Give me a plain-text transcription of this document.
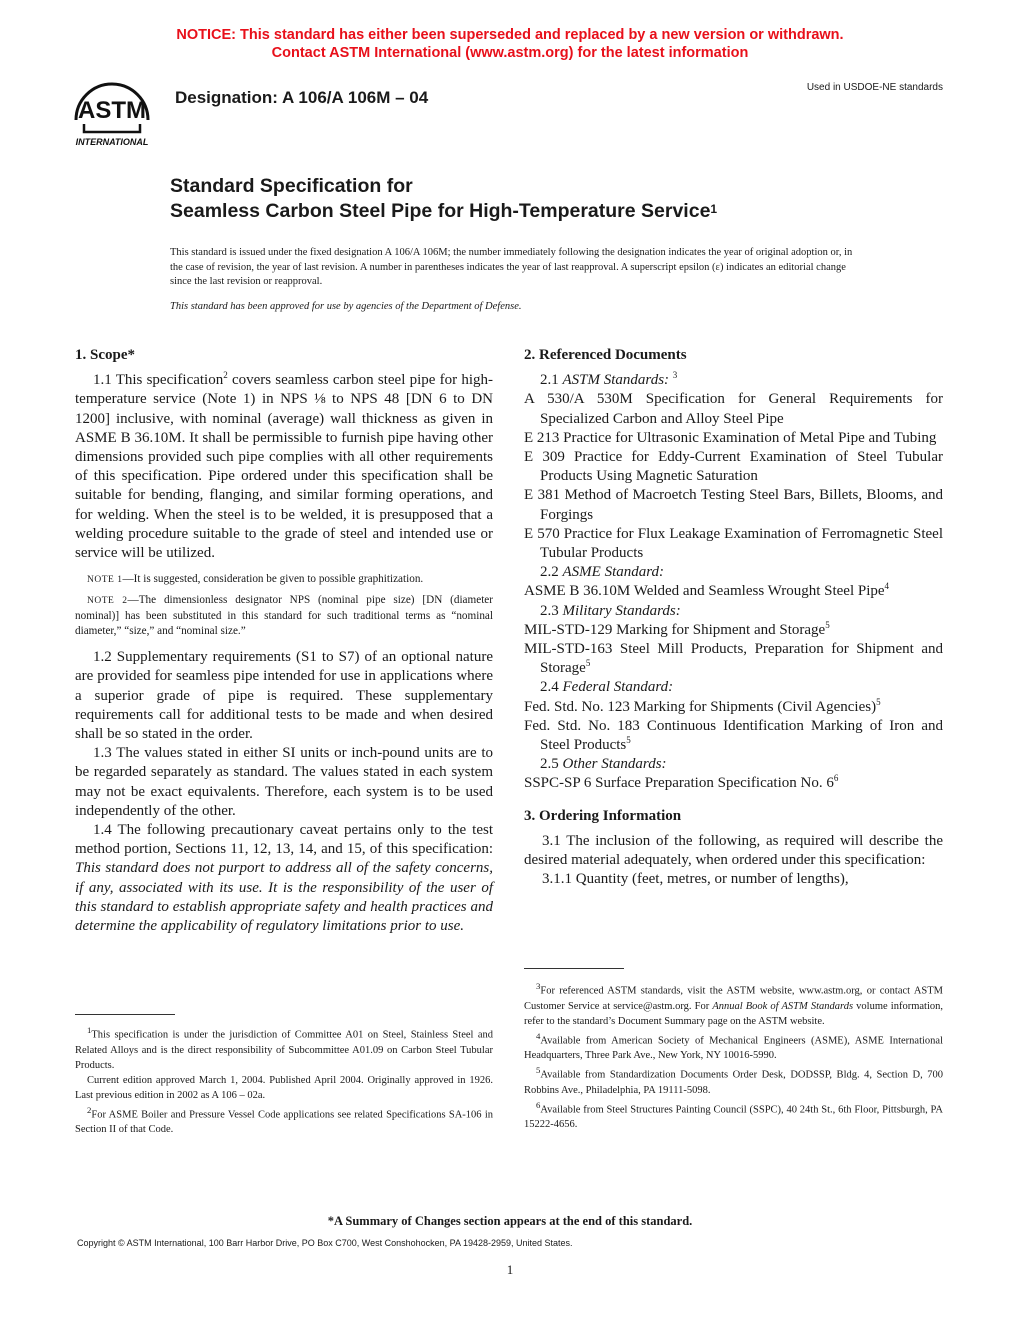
NOTICE: This standard has either been superseded and replaced by a new version or withdrawn.
Contact ASTM International (www.astm.org) for the latest information
ASTM
INTERNATIONAL
Designation: A 106/A 106M – 04
Used in USDOE-NE standards
Standard Specification for
Seamless Carbon Steel Pipe for High-Temperature Service$^1$
This standard is issued under the fixed designation A 106/A 106M; the number immediately following the designation indicates the year of original adoption or, in the case of revision, the year of last revision. A number in parentheses indicates the year of last reapproval. A superscript epsilon (ε) indicates an editorial change since the last revision or reapproval.
This standard has been approved for use by agencies of the Department of Defense.
1. Scope*

1.1 This specification$^2$ covers seamless carbon steel pipe for high-temperature service (Note 1) in NPS ⅛ to NPS 48 [DN 6 to DN 1200] inclusive, with nominal (average) wall thickness as given in ASME B 36.10M. It shall be permissible to furnish pipe having other dimensions provided such pipe complies with all other requirements of this specification. Pipe ordered under this specification shall be suitable for bending, flanging, and similar forming operations, and for welding. When the steel is to be welded, it is presupposed that a welding procedure suitable to the grade of steel and intended use or service will be utilized.

NOTE 1—It is suggested, consideration be given to possible graphitization.

NOTE 2—The dimensionless designator NPS (nominal pipe size) [DN (diameter nominal)] has been substituted in this standard for such traditional terms as “nominal diameter,” “size,” and “nominal size.”

1.2 Supplementary requirements (S1 to S7) of an optional nature are provided for seamless pipe intended for use in applications where a superior grade of pipe is required. These supplementary requirements call for additional tests to be made and when desired shall be so stated in the order.

1.3 The values stated in either SI units or inch-pound units are to be regarded separately as standard. The values stated in each system may not be exact equivalents. Therefore, each system is to be used independently of the other.

1.4 The following precautionary caveat pertains only to the test method portion, Sections 11, 12, 13, 14, and 15, of this specification: This standard does not purport to address all of the safety concerns, if any, associated with its use. It is the responsibility of the user of this standard to establish appropriate safety and health practices and determine the applicability of regulatory limitations prior to use.

$^1$This specification is under the jurisdiction of Committee A01 on Steel, Stainless Steel and Related Alloys and is the direct responsibility of Subcommittee A01.09 on Carbon Steel Tubular Products.

Current edition approved March 1, 2004. Published April 2004. Originally approved in 1926. Last previous edition in 2002 as A 106 – 02a.

$^2$For ASME Boiler and Pressure Vessel Code applications see related Specifications SA-106 in Section II of that Code.

2. Referenced Documents

2.1 ASTM Standards: $^3$

A 530/A 530M Specification for General Requirements for Specialized Carbon and Alloy Steel Pipe

E 213 Practice for Ultrasonic Examination of Metal Pipe and Tubing

E 309 Practice for Eddy-Current Examination of Steel Tubular Products Using Magnetic Saturation

E 381 Method of Macroetch Testing Steel Bars, Billets, Blooms, and Forgings

E 570 Practice for Flux Leakage Examination of Ferromagnetic Steel Tubular Products

2.2 ASME Standard:

ASME B 36.10M Welded and Seamless Wrought Steel Pipe$^4$

2.3 Military Standards:

MIL-STD-129 Marking for Shipment and Storage$^5$

MIL-STD-163 Steel Mill Products, Preparation for Shipment and Storage$^5$

2.4 Federal Standard:

Fed. Std. No. 123 Marking for Shipments (Civil Agencies)$^5$

Fed. Std. No. 183 Continuous Identification Marking of Iron and Steel Products$^5$

2.5 Other Standards:

SSPC-SP 6 Surface Preparation Specification No. $6^6$

3. Ordering Information

3.1 The inclusion of the following, as required will describe the desired material adequately, when ordered under this specification:

3.1.1 Quantity (feet, metres, or number of lengths),

$^3$For referenced ASTM standards, visit the ASTM website, www.astm.org, or contact ASTM Customer Service at service@astm.org. For Annual Book of ASTM Standards volume information, refer to the standard’s Document Summary page on the ASTM website.

$^4$Available from American Society of Mechanical Engineers (ASME), ASME International Headquarters, Three Park Ave., New York, NY 10016-5990.

$^5$Available from Standardization Documents Order Desk, DODSSP, Bldg. 4, Section D, 700 Robbins Ave., Philadelphia, PA 19111-5098.

$^6$Available from Steel Structures Painting Council (SSPC), 40 24th St., 6th Floor, Pittsburgh, PA 15222-4656.

*A Summary of Changes section appears at the end of this standard.
Copyright © ASTM International, 100 Barr Harbor Drive, PO Box C700, West Conshohocken, PA 19428-2959, United States.
1
